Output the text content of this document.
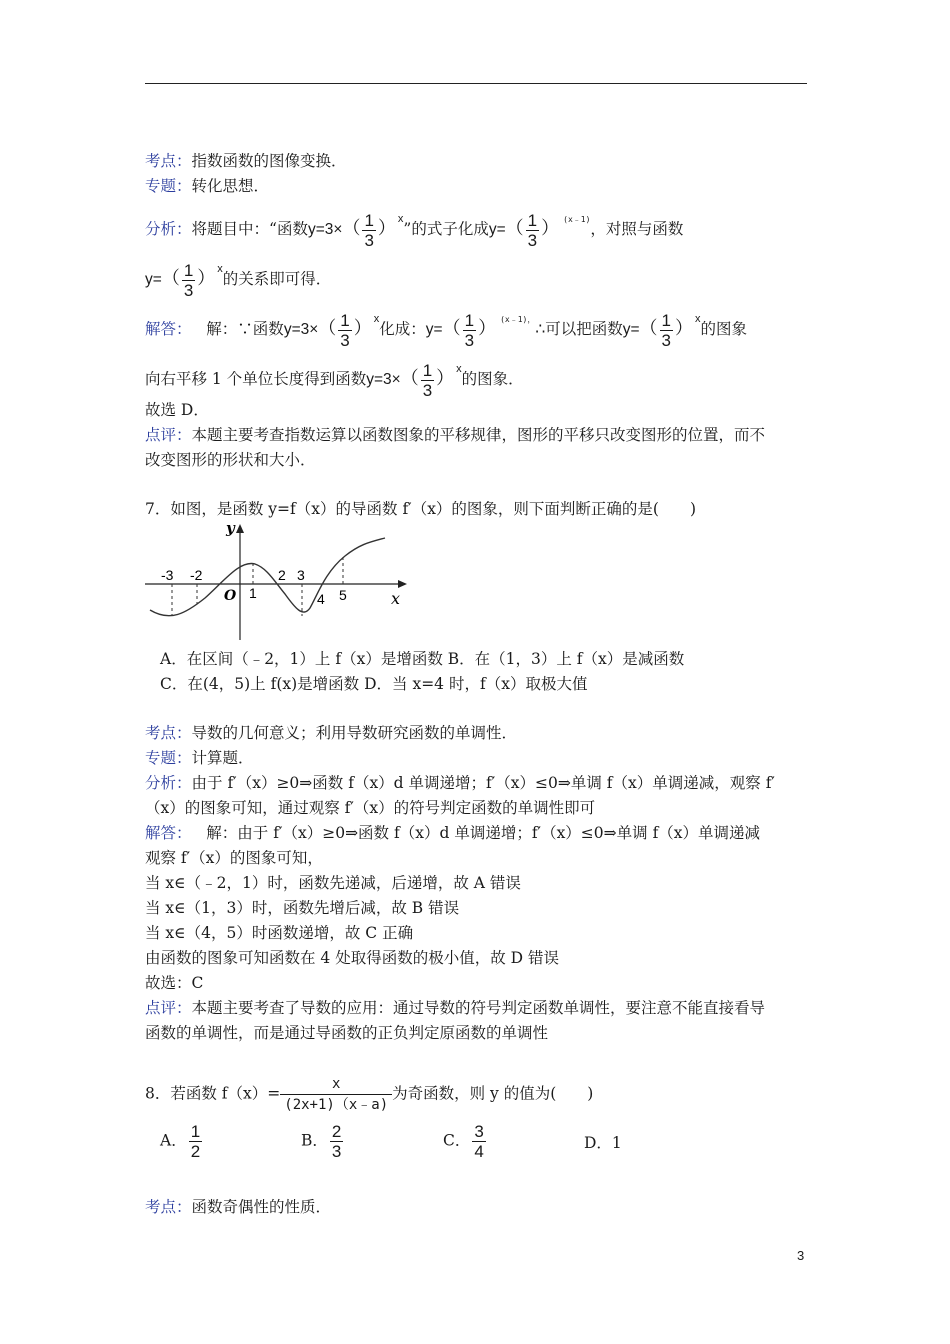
考点：指数函数的图像变换．
专题：转化思想．
分析：将题目中：“函数$y=3\times( \frac{1}{3}$ ） $^x$”的式子化成$y=( \frac{1}{3}$ ） $^{(x﹣1)}$，对照与函数
$y=( \frac{1}{3}$ ） $^x$的关系即可得．
解答： 解：∵函数$y=3\times( \frac{1}{3}$ ） $^x$化成：$y=( \frac{1}{3}$ ） $^{(x﹣1),}$∴可以把函数$y=( \frac{1}{3}$ ） $^x$的图象
向右平移 1 个单位长度得到函数$y=3\times( \frac{1}{3}$ ） $^x$的图象．
故选 D．
点评：本题主要考查指数运算以函数图象的平移规律，图形的平移只改变图形的位置，而不
改变图形的形状和大小．
7．如图，是函数 y=f（x）的导函数 f′（x）的图象，则下面判断正确的是(　　)
y
x
O
-3 -2
1
2 3
4 5
A．在区间（﹣2，1）上 f（x）是增函数 B．在（1，3）上 f（x）是减函数
C．在(4，5)上 f(x)是增函数 D．当 x=4 时，f（x）取极大值
考点：导数的几何意义；利用导数研究函数的单调性．
专题：计算题．
分析：由于 f′（x）≥0⇒函数 f（x）d 单调递增；f′（x）≤0⇒单调 f（x）单调递减，观察 f′
（x）的图象可知，通过观察 f′（x）的符号判定函数的单调性即可
解答： 解：由于 f′（x）≥0⇒函数 f（x）d 单调递增；f′（x）≤0⇒单调 f（x）单调递减
观察 f′（x）的图象可知，
当 x∈（﹣2，1）时，函数先递减，后递增，故 A 错误
当 x∈（1，3）时，函数先增后减，故 B 错误
当 x∈（4，5）时函数递增，故 C 正确
由函数的图象可知函数在 4 处取得函数的极小值，故 D 错误
故选：C
点评：本题主要考查了导数的应用：通过导数的符号判定函数单调性，要注意不能直接看导
函数的单调性，而是通过导函数的正负判定原函数的单调性
8．若函数 $f(x)= \frac{x}{(2x+1)(x﹣a)}$ 为奇函数，则 y 的值为(　　)
A． $\frac{1}{2}$	B． $\frac{2}{3}$	C． $\frac{3}{4}$	D．1
考点：函数奇偶性的性质．
3
